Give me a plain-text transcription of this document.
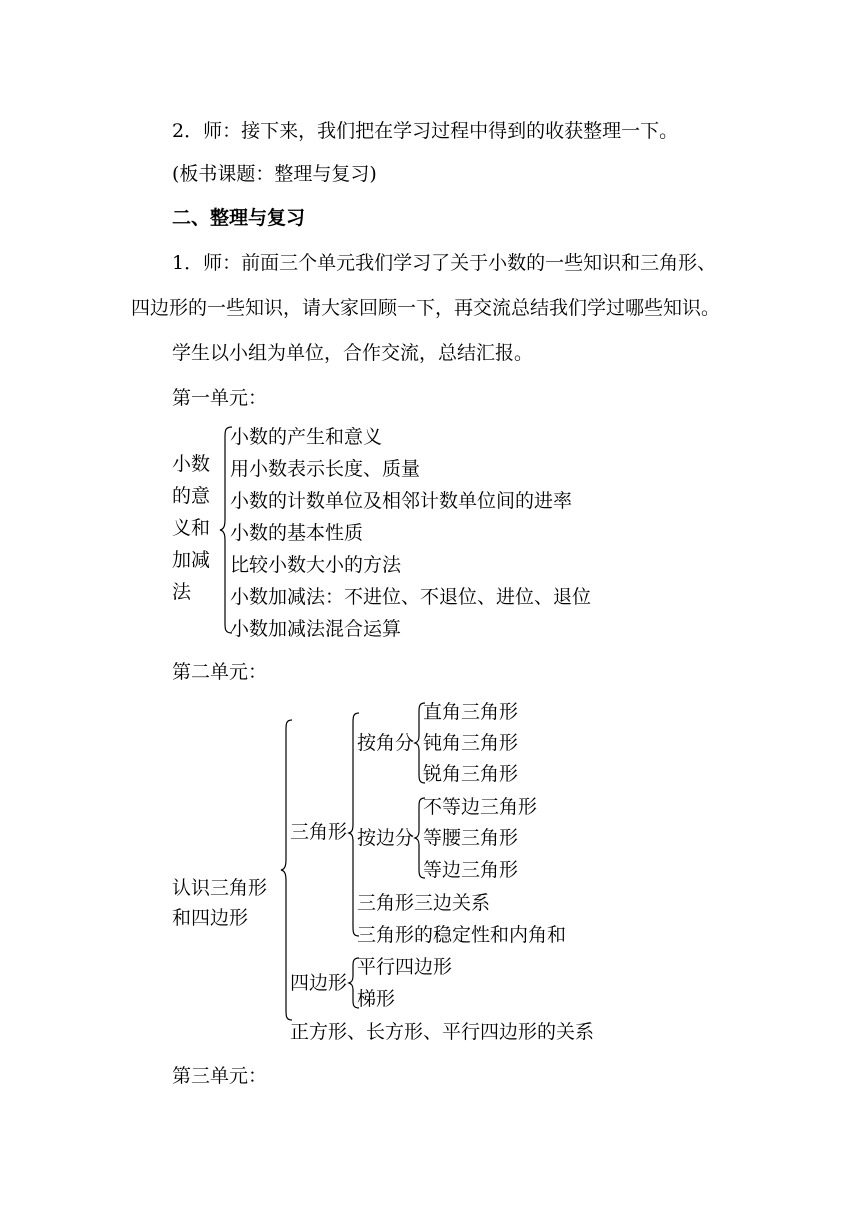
2．师：接下来，我们把在学习过程中得到的收获整理一下。
(板书课题：整理与复习)
二、整理与复习
1．师：前面三个单元我们学习了关于小数的一些知识和三角形、
四边形的一些知识，请大家回顾一下，再交流总结我们学过哪些知识。
学生以小组为单位，合作交流，总结汇报。
第一单元：
小数
的意
义和
加减
法
小数的产生和意义
用小数表示长度、质量
小数的计数单位及相邻计数单位间的进率
小数的基本性质
比较小数大小的方法
小数加减法：不进位、不退位、进位、退位
小数加减法混合运算
第二单元：
认识三角形
和四边形
三角形
按角分
直角三角形
钝角三角形
锐角三角形
按边分
不等边三角形
等腰三角形
等边三角形
三角形三边关系
三角形的稳定性和内角和
四边形
平行四边形
梯形
正方形、长方形、平行四边形的关系
第三单元：
